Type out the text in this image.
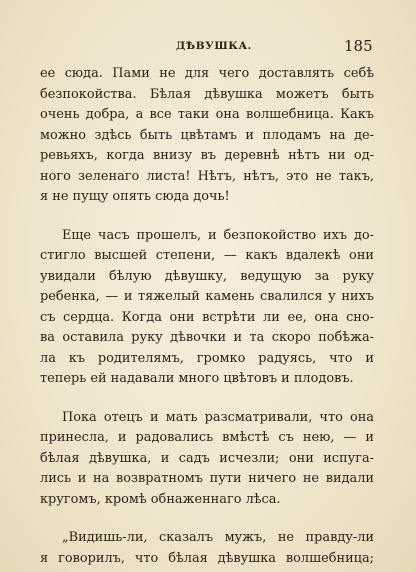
ДѢВУШКА.	185
ее сюда. Пами не для чего доставлять себѣ
безпокойства. Бѣлая дѣвушка можетъ быть
очень добра, а все таки она волшебница. Какъ
можно здѣсь быть цвѣтамъ и плодамъ на де-
ревьяхъ, когда внизу въ деревнѣ нѣтъ ни од-
ного зеленаго листа! Нѣтъ, нѣтъ, это не такъ,
я не пущу опять сюда дочь!
Еще часъ прошелъ, и безпокойство ихъ до-
стигло высшей степени, — какъ вдалекѣ они
увидали бѣлую дѣвушку, ведущую за руку
ребенка, — и тяжелый камень свалился у нихъ
съ сердца. Когда они встрѣти ли ее, она сно-
ва оставила руку дѣвочки и та скоро побѣжа-
ла къ родителямъ, громко радуясь, что и
теперь ей надавали много цвѣтовъ и плодовъ.
Пока отецъ и мать разсматривали, что она
принесла, и радовались вмѣстѣ съ нею, — и
бѣлая дѣвушка, и садъ исчезли; они испуга-
лись и на возвратномъ пути ничего не видали
кругомъ, кромѣ обнаженнаго лѣса.
„Видишь-ли, сказалъ мужъ, не правду-ли
я говорилъ, что бѣлая дѣвушка волшебница;
